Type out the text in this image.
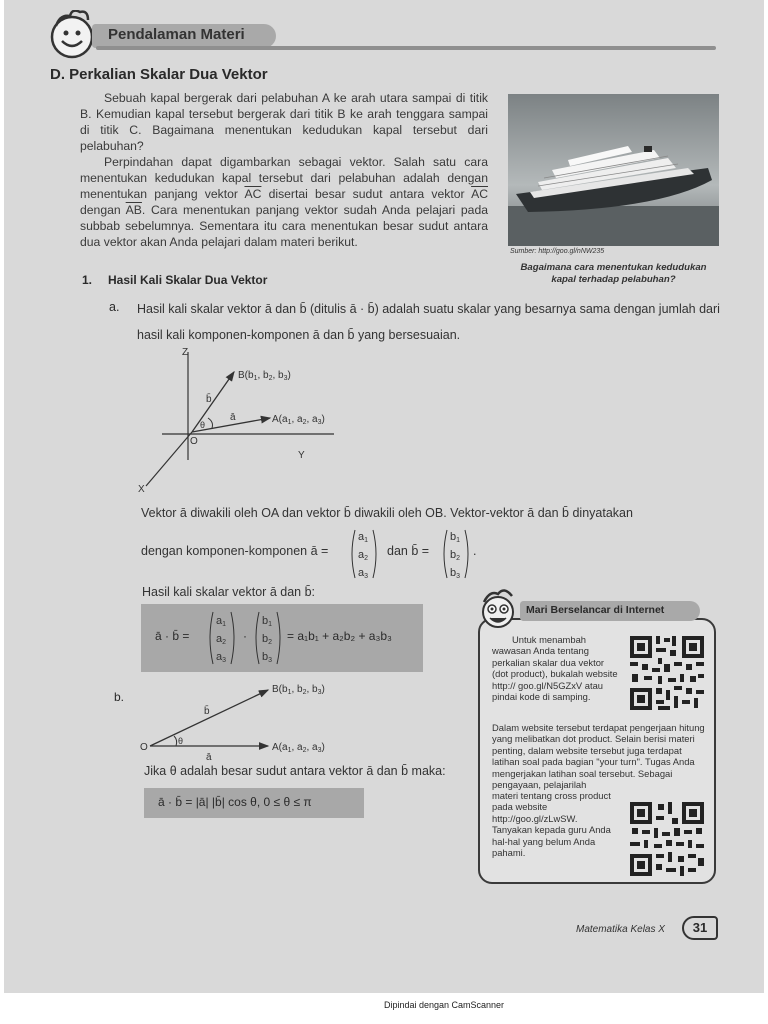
Pendalaman Materi
D. Perkalian Skalar Dua Vektor

Sebuah kapal bergerak dari pelabuhan A ke arah utara sampai di titik B. Kemudian kapal tersebut bergerak dari titik B ke arah tenggara sampai di titik C. Bagaimana menentukan kedudukan kapal tersebut dari pelabuhan?

Perpindahan dapat digambarkan sebagai vektor. Salah satu cara menentukan kedudukan kapal tersebut dari pelabuhan adalah dengan menentukan panjang vektor $\overline{AC}$ disertai besar sudut antara vektor $\overline{AC}$ dengan $\overline{AB}$. Cara menentukan panjang vektor sudah Anda pelajari pada subbab sebelumnya. Sementara itu cara menentukan besar sudut antara dua vektor akan Anda pelajari dalam materi berikut.

Sumber: http://goo.gl/nNW235
Bagaimana cara menentukan kedudukan kapal terhadap pelabuhan?
1. Hasil Kali Skalar Dua Vektor
a. Hasil kali skalar vektor ā dan b̄ (ditulis ā · b̄) adalah suatu skalar yang besarnya sama dengan jumlah dari hasil kali komponen-komponen ā dan b̄ yang bersesuaian.
Z
Y
X
O
θ
ā
b̄
$B(b_1$, $b_2$, $b_3$)
$A(a_1$, $a_2$, $a_3$)
Vektor ā diwakili oleh OA dan vektor b̄ diwakili oleh OB. Vektor-vektor ā dan b̄ dinyatakan
dengan komponen-komponen ā =
a1
a2
a3
dan b̄ =
b1
b2
b3
.
Hasil kali skalar vektor ā dan b̄:
ā · b̄ =
a1
a2
a3
·
b1
b2
b3
= a₁b₁ + a₂b₂ + a₃b₃
b.
O
θ
ā
b̄
$B(b_1$, $b_2$, $b_3$)
$A(a_1$, $a_2$, $a_3$)
Jika θ adalah besar sudut antara vektor ā dan b̄ maka:
ā · b̄ = |ā| |b̄| cos θ, 0 ≤ θ ≤ π
Mari Berselancar di Internet
Untuk menambah wawasan Anda tentang perkalian skalar dua vektor (dot product), bukalah website http:// goo.gl/N5GZxV atau pindai kode di samping.
Dalam website tersebut terdapat pengerjaan hitung yang melibatkan dot product. Selain berisi materi penting, dalam website tersebut juga terdapat latihan soal pada bagian "your turn". Tugas Anda mengerjakan latihan soal tersebut. Sebagai pengayaan, pelajarilah
materi tentang cross product pada website http://goo.gl/zLwSW. Tanyakan kepada guru Anda hal-hal yang belum Anda pahami.
Matematika Kelas X	31
Dipindai dengan CamScanner
